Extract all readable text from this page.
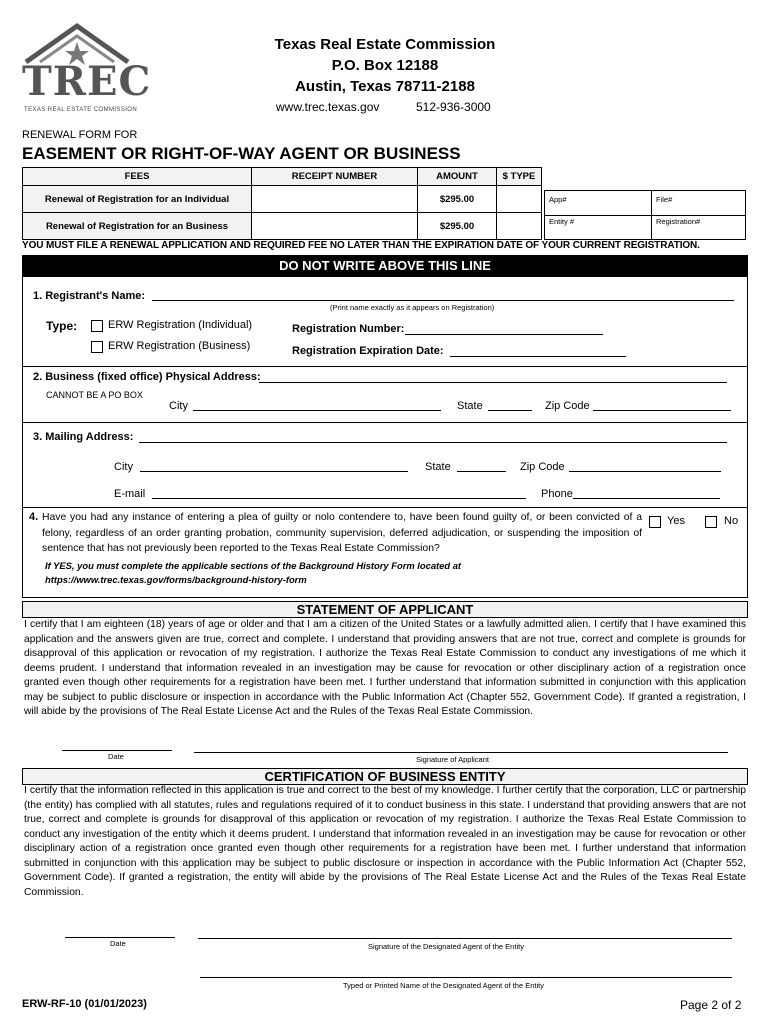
TREC
TEXAS REAL ESTATE COMMISSION
Texas Real Estate Commission
P.O. Box 12188
Austin, Texas 78711-2188
www.trec.texas.gov	512-936-3000
RENEWAL FORM FOR
EASEMENT OR RIGHT-OF-WAY AGENT OR BUSINESS
FEES	RECEIPT NUMBER	AMOUNT	$ TYPE
Renewal of Registration for an Individual		$295.00	
Renewal of Registration for an Business		$295.00	
App#	File#
Entity #	Registration#
YOU MUST FILE A RENEWAL APPLICATION AND REQUIRED FEE NO LATER THAN THE EXPIRATION DATE OF YOUR CURRENT REGISTRATION.
DO NOT WRITE ABOVE THIS LINE
1. Registrant's Name:
(Print name exactly as it appears on Registration)
Type:	ERW Registration (Individual)
ERW Registration (Business)
Registration Number:
Registration Expiration Date:
2. Business (fixed office) Physical Address:
CANNOT BE A PO BOX
City	State	Zip Code
3. Mailing Address:
City	State	Zip Code
E-mail	Phone
4. Have you had any instance of entering a plea of guilty or nolo contendere to, have been found guilty of, or been convicted of a felony, regardless of an order granting probation, community supervision, deferred adjudication, or suspending the imposition of sentence that has not previously been reported to the Texas Real Estate Commission?
Yes	No
If YES, you must complete the applicable sections of the Background History Form located at
https://www.trec.texas.gov/forms/background-history-form
STATEMENT OF APPLICANT
I certify that I am eighteen (18) years of age or older and that I am a citizen of the United States or a lawfully admitted alien. I certify that I have examined this application and the answers given are true, correct and complete. I understand that providing answers that are not true, correct and complete is grounds for disapproval of this application or revocation of my registration. I authorize the Texas Real Estate Commission to conduct any investigations of me which it deems prudent. I understand that information revealed in an investigation may be cause for revocation or other disciplinary action of a registration once granted even though other requirements for a registration have been met. I further understand that information submitted in conjunction with this application may be subject to public disclosure or inspection in accordance with the Public Information Act (Chapter 552, Government Code). If granted a registration, I will abide by the provisions of The Real Estate License Act and the Rules of the Texas Real Estate Commission.
Date	Signature of Applicant
CERTIFICATION OF BUSINESS ENTITY
I certify that the information reflected in this application is true and correct to the best of my knowledge. I further certify that the corporation, LLC or partnership (the entity) has complied with all statutes, rules and regulations required of it to conduct business in this state. I understand that providing answers that are not true, correct and complete is grounds for disapproval of this application or revocation of my registration. I authorize the Texas Real Estate Commission to conduct any investigation of the entity which it deems prudent. I understand that information revealed in an investigation may be cause for revocation or other disciplinary action of a registration once granted even though other requirements for a registration have been met. I further understand that information submitted in conjunction with this application may be subject to public disclosure or inspection in accordance with the Public Information Act (Chapter 552, Government Code). If granted a registration, the entity will abide by the provisions of The Real Estate License Act and the Rules of the Texas Real Estate Commission.
Date	Signature of the Designated Agent of the Entity
Typed or Printed Name of the Designated Agent of the Entity
ERW-RF-10 (01/01/2023)	Page 2 of 2
